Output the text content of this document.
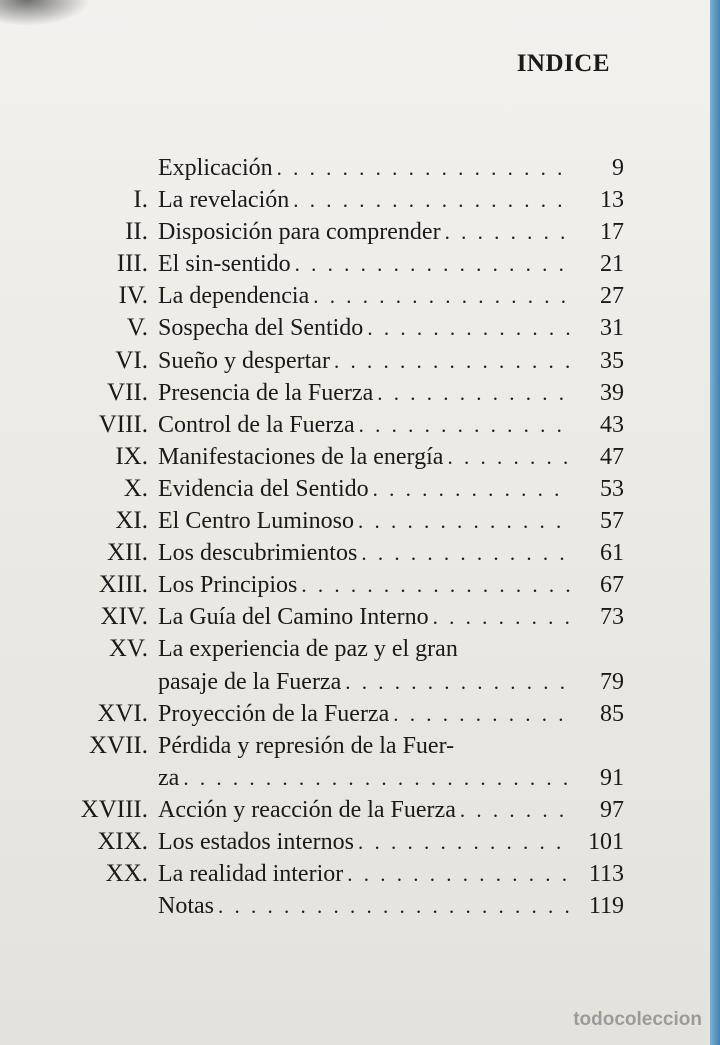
INDICE
Explicación . . .	9
I. La revelación . . .	13
II. Disposición para comprender . . .	17
III. El sin-sentido . . .	21
IV. La dependencia . . .	27
V. Sospecha del Sentido . . .	31
VI. Sueño y despertar . . .	35
VII. Presencia de la Fuerza . . .	39
VIII. Control de la Fuerza . . .	43
IX. Manifestaciones de la energía . . .	47
X. Evidencia del Sentido . . .	53
XI. El Centro Luminoso . . .	57
XII. Los descubrimientos . . .	61
XIII. Los Principios . . .	67
XIV. La Guía del Camino Interno . . .	73
XV. La experiencia de paz y el gran
pasaje de la Fuerza . . .	79
XVI. Proyección de la Fuerza . . .	85
XVII. Pérdida y represión de la Fuer-
za . . .	91
XVIII. Acción y reacción de la Fuerza . . .	97
XIX. Los estados internos . . .	101
XX. La realidad interior . . .	113
Notas . . .	119
todocoleccion
